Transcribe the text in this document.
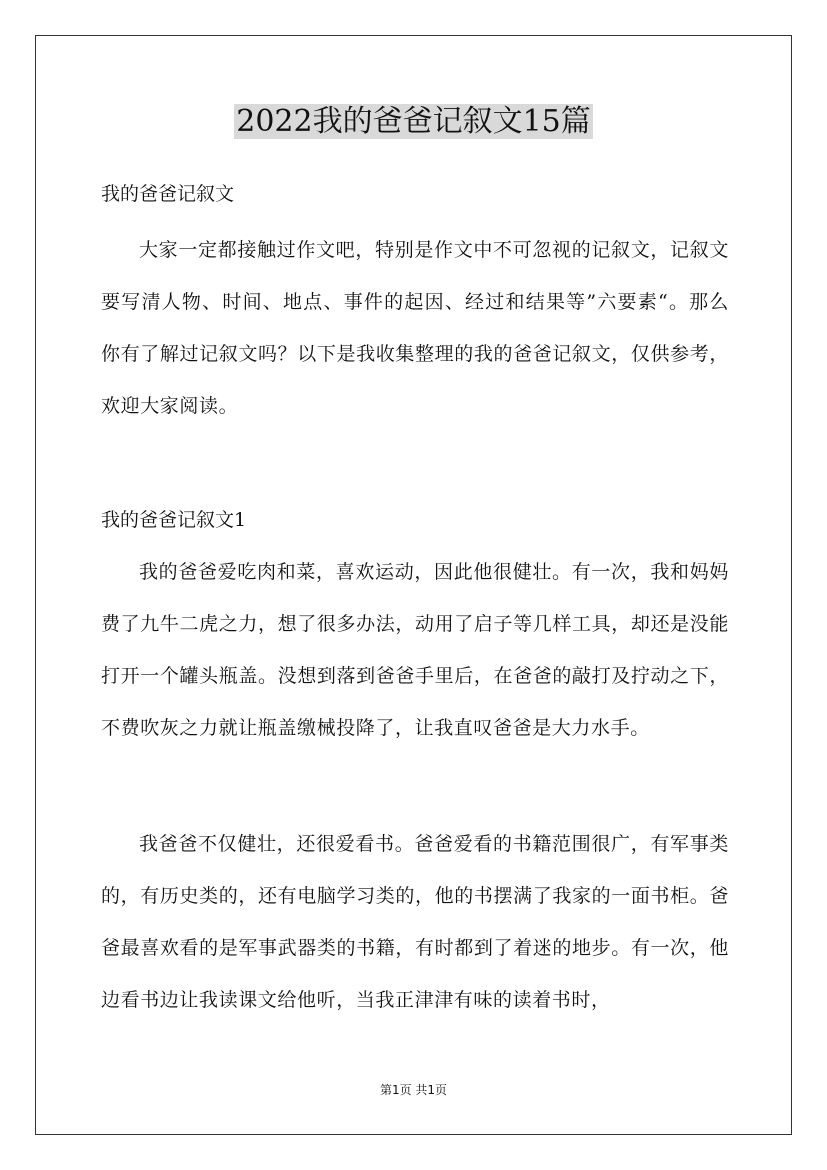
2022我的爸爸记叙文15篇
我的爸爸记叙文

大家一定都接触过作文吧，特别是作文中不可忽视的记叙文，记叙文要写清人物、时间、地点、事件的起因、经过和结果等”六要素“。那么你有了解过记叙文吗？以下是我收集整理的我的爸爸记叙文，仅供参考，欢迎大家阅读。

我的爸爸记叙文1

我的爸爸爱吃肉和菜，喜欢运动，因此他很健壮。有一次，我和妈妈费了九牛二虎之力，想了很多办法，动用了启子等几样工具，却还是没能打开一个罐头瓶盖。没想到落到爸爸手里后，在爸爸的敲打及拧动之下，不费吹灰之力就让瓶盖缴械投降了，让我直叹爸爸是大力水手。

我爸爸不仅健壮，还很爱看书。爸爸爱看的书籍范围很广，有军事类的，有历史类的，还有电脑学习类的，他的书摆满了我家的一面书柜。爸爸最喜欢看的是军事武器类的书籍，有时都到了着迷的地步。有一次，他边看书边让我读课文给他听，当我正津津有味的读着书时，

第1页 共1页
